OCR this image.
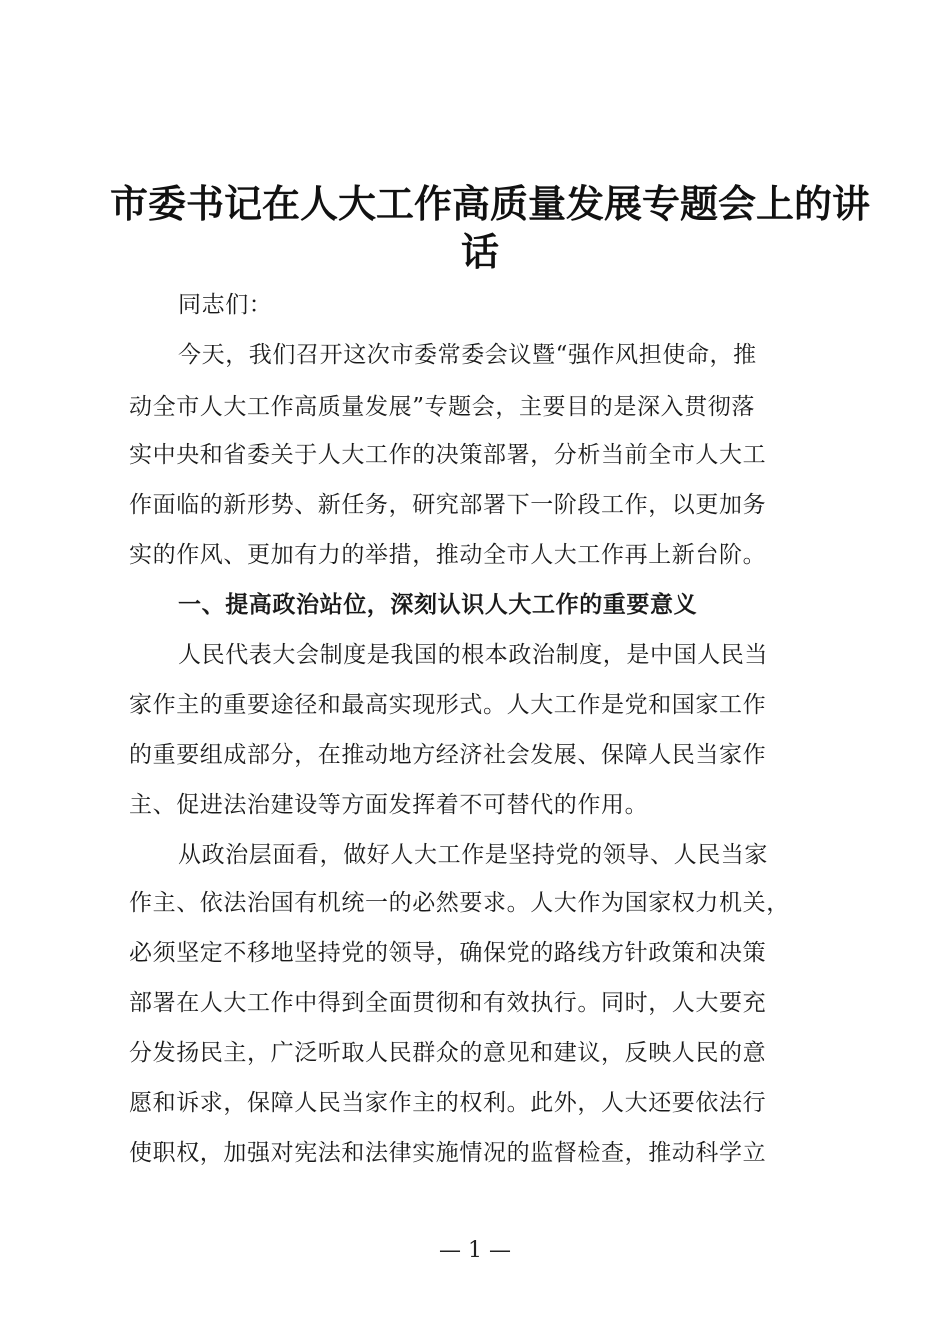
市委书记在人大工作高质量发展专题会上的讲
话
同志们：
今天，我们召开这次市委常委会议暨“强作风担使命，推
动全市人大工作高质量发展”专题会，主要目的是深入贯彻落
实中央和省委关于人大工作的决策部署，分析当前全市人大工
作面临的新形势、新任务，研究部署下一阶段工作，以更加务
实的作风、更加有力的举措，推动全市人大工作再上新台阶。
一、提高政治站位，深刻认识人大工作的重要意义
人民代表大会制度是我国的根本政治制度，是中国人民当
家作主的重要途径和最高实现形式。人大工作是党和国家工作
的重要组成部分，在推动地方经济社会发展、保障人民当家作
主、促进法治建设等方面发挥着不可替代的作用。
从政治层面看，做好人大工作是坚持党的领导、人民当家
作主、依法治国有机统一的必然要求。人大作为国家权力机关，
必须坚定不移地坚持党的领导，确保党的路线方针政策和决策
部署在人大工作中得到全面贯彻和有效执行。同时，人大要充
分发扬民主，广泛听取人民群众的意见和建议，反映人民的意
愿和诉求，保障人民当家作主的权利。此外，人大还要依法行
使职权，加强对宪法和法律实施情况的监督检查，推动科学立
— 1 —
